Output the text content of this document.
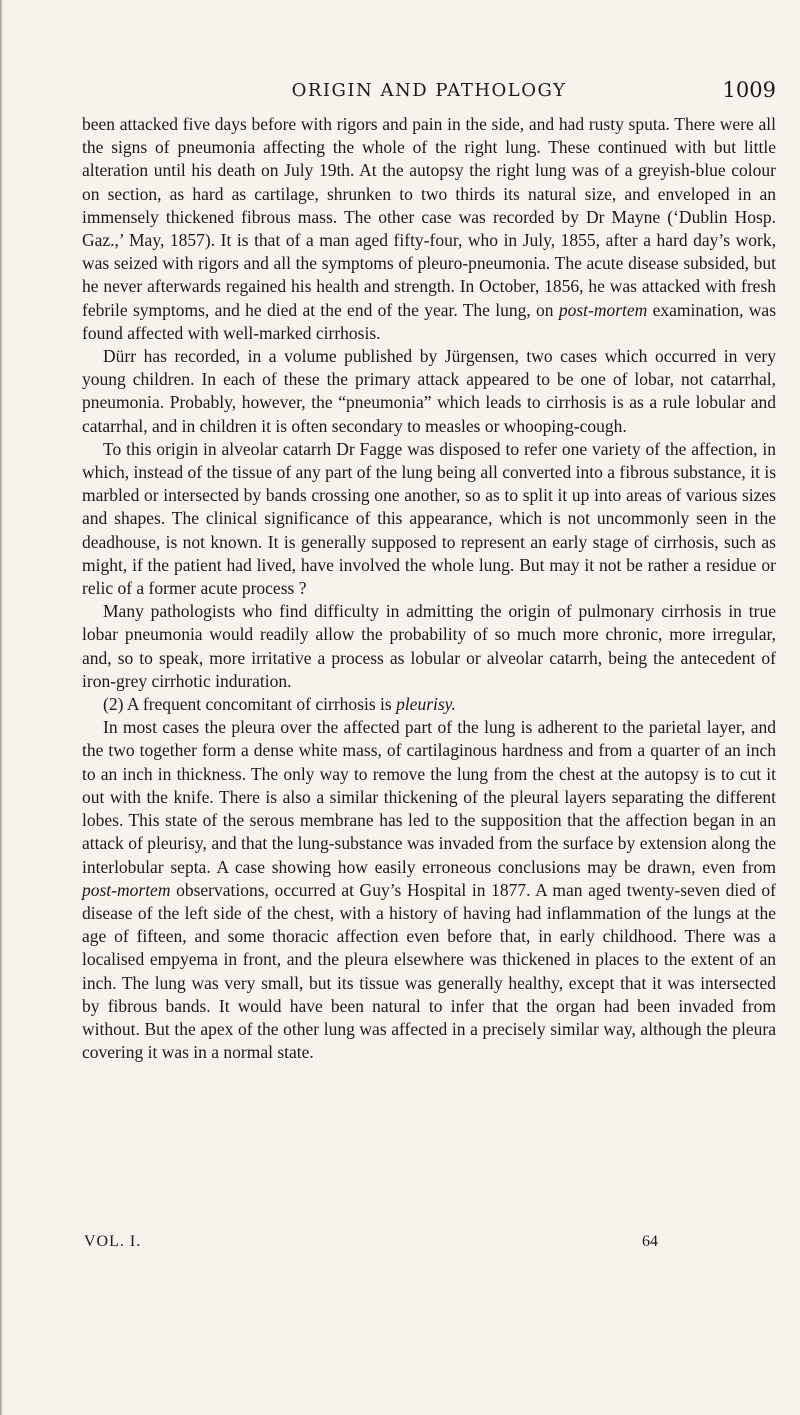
ORIGIN AND PATHOLOGY	1009

been attacked five days before with rigors and pain in the side, and had rusty sputa. There were all the signs of pneumonia affecting the whole of the right lung. These continued with but little alteration until his death on July 19th. At the autopsy the right lung was of a greyish-blue colour on section, as hard as cartilage, shrunken to two thirds its natural size, and enveloped in an immensely thickened fibrous mass. The other case was recorded by Dr Mayne (‘Dublin Hosp. Gaz.,’ May, 1857). It is that of a man aged fifty-four, who in July, 1855, after a hard day’s work, was seized with rigors and all the symptoms of pleuro-pneumonia. The acute disease subsided, but he never afterwards regained his health and strength. In October, 1856, he was attacked with fresh febrile symptoms, and he died at the end of the year. The lung, on post-mortem examination, was found affected with well-marked cirrhosis.

Dürr has recorded, in a volume published by Jürgensen, two cases which occurred in very young children. In each of these the primary attack appeared to be one of lobar, not catarrhal, pneumonia. Probably, however, the “pneumonia” which leads to cirrhosis is as a rule lobular and catarrhal, and in children it is often secondary to measles or whooping-cough.

To this origin in alveolar catarrh Dr Fagge was disposed to refer one variety of the affection, in which, instead of the tissue of any part of the lung being all converted into a fibrous substance, it is marbled or intersected by bands crossing one another, so as to split it up into areas of various sizes and shapes. The clinical significance of this appearance, which is not uncommonly seen in the deadhouse, is not known. It is generally supposed to represent an early stage of cirrhosis, such as might, if the patient had lived, have involved the whole lung. But may it not be rather a residue or relic of a former acute process ?

Many pathologists who find difficulty in admitting the origin of pulmonary cirrhosis in true lobar pneumonia would readily allow the probability of so much more chronic, more irregular, and, so to speak, more irritative a process as lobular or alveolar catarrh, being the antecedent of iron-grey cirrhotic induration.

(2) A frequent concomitant of cirrhosis is pleurisy.

In most cases the pleura over the affected part of the lung is adherent to the parietal layer, and the two together form a dense white mass, of cartilaginous hardness and from a quarter of an inch to an inch in thickness. The only way to remove the lung from the chest at the autopsy is to cut it out with the knife. There is also a similar thickening of the pleural layers separating the different lobes. This state of the serous membrane has led to the supposition that the affection began in an attack of pleurisy, and that the lung-substance was invaded from the surface by extension along the interlobular septa. A case showing how easily erroneous conclusions may be drawn, even from post-mortem observations, occurred at Guy’s Hospital in 1877. A man aged twenty-seven died of disease of the left side of the chest, with a history of having had inflammation of the lungs at the age of fifteen, and some thoracic affection even before that, in early childhood. There was a localised empyema in front, and the pleura elsewhere was thickened in places to the extent of an inch. The lung was very small, but its tissue was generally healthy, except that it was intersected by fibrous bands. It would have been natural to infer that the organ had been invaded from without. But the apex of the other lung was affected in a precisely similar way, although the pleura covering it was in a normal state.

VOL. I.	64
